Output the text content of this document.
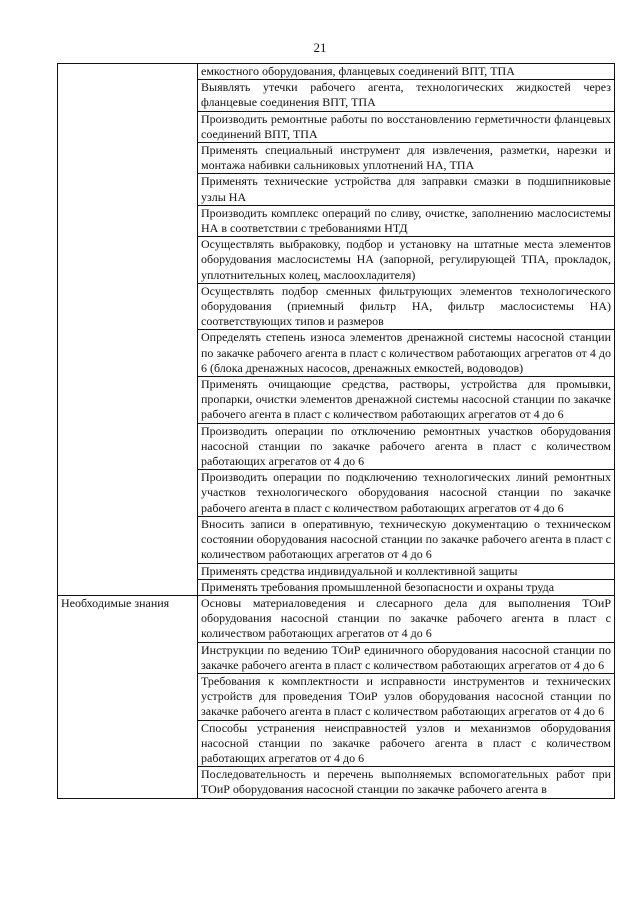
21
	емкостного оборудования, фланцевых соединений ВПТ, ТПА
	Выявлять утечки рабочего агента, технологических жидкостей через фланцевые соединения ВПТ, ТПА
	Производить ремонтные работы по восстановлению герметичности фланцевых соединений ВПТ, ТПА
	Применять специальный инструмент для извлечения, разметки, нарезки и монтажа набивки сальниковых уплотнений НА, ТПА
	Применять технические устройства для заправки смазки в подшипниковые узлы НА
	Производить комплекс операций по сливу, очистке, заполнению маслосистемы НА в соответствии с требованиями НТД
	Осуществлять выбраковку, подбор и установку на штатные места элементов оборудования маслосистемы НА (запорной, регулирующей ТПА, прокладок, уплотнительных колец, маслоохладителя)
	Осуществлять подбор сменных фильтрующих элементов технологического оборудования (приемный фильтр НА, фильтр маслосистемы НА) соответствующих типов и размеров
	Определять степень износа элементов дренажной системы насосной станции по закачке рабочего агента в пласт с количеством работающих агрегатов от 4 до 6 (блока дренажных насосов, дренажных емкостей, водоводов)
	Применять очищающие средства, растворы, устройства для промывки, пропарки, очистки элементов дренажной системы насосной станции по закачке рабочего агента в пласт с количеством работающих агрегатов от 4 до 6
	Производить операции по отключению ремонтных участков оборудования насосной станции по закачке рабочего агента в пласт с количеством работающих агрегатов от 4 до 6
	Производить операции по подключению технологических линий ремонтных участков технологического оборудования насосной станции по закачке рабочего агента в пласт с количеством работающих агрегатов от 4 до 6
	Вносить записи в оперативную, техническую документацию о техническом состоянии оборудования насосной станции по закачке рабочего агента в пласт с количеством работающих агрегатов от 4 до 6
	Применять средства индивидуальной и коллективной защиты
	Применять требования промышленной безопасности и охраны труда
Необходимые знания	Основы материаловедения и слесарного дела для выполнения ТОиР оборудования насосной станции по закачке рабочего агента в пласт с количеством работающих агрегатов от 4 до 6
	Инструкции по ведению ТОиР единичного оборудования насосной станции по закачке рабочего агента в пласт с количеством работающих агрегатов от 4 до 6
	Требования к комплектности и исправности инструментов и технических устройств для проведения ТОиР узлов оборудования насосной станции по закачке рабочего агента в пласт с количеством работающих агрегатов от 4 до 6
	Способы устранения неисправностей узлов и механизмов оборудования насосной станции по закачке рабочего агента в пласт с количеством работающих агрегатов от 4 до 6
	Последовательность и перечень выполняемых вспомогательных работ при ТОиР оборудования насосной станции по закачке рабочего агента в
